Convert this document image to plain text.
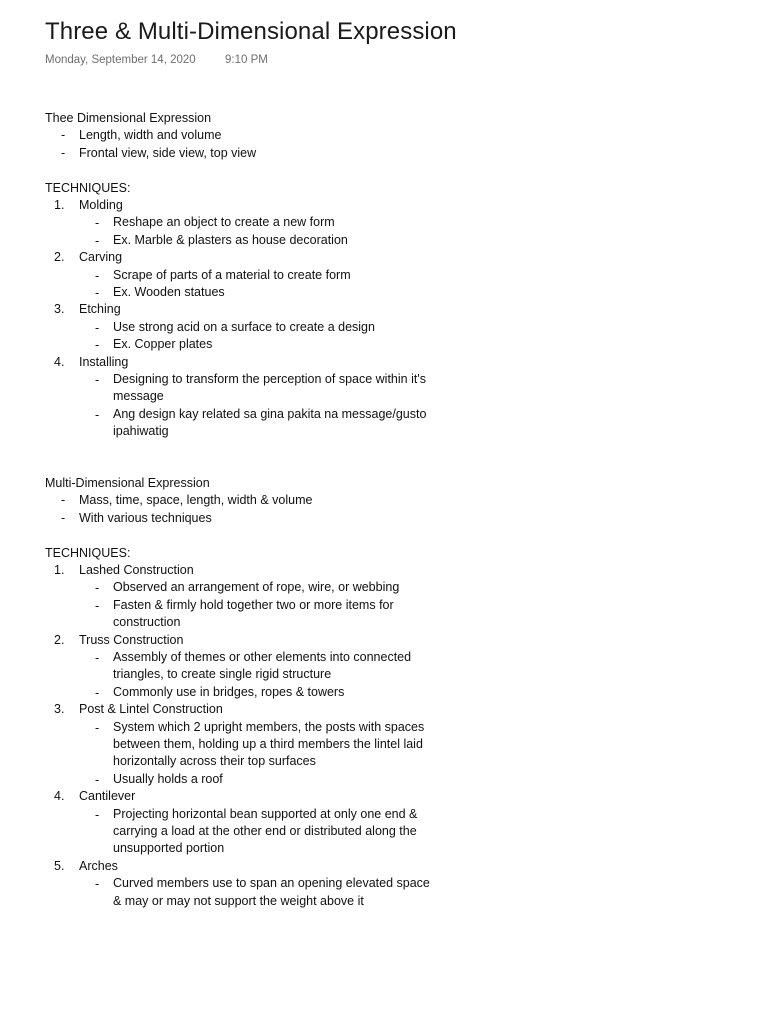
Three & Multi-Dimensional Expression
Monday, September 14, 2020	9:10 PM
Thee Dimensional Expression
- Length, width and volume
- Frontal view, side view, top view
TECHNIQUES:
1. Molding
- Reshape an object to create a new form
- Ex. Marble & plasters as house decoration
2. Carving
- Scrape of parts of a material to create form
- Ex. Wooden statues
3. Etching
- Use strong acid on a surface to create a design
- Ex. Copper plates
4. Installing
- Designing to transform the perception of space within it's
message
- Ang design kay related sa gina pakita na message/gusto
ipahiwatig
Multi-Dimensional Expression
- Mass, time, space, length, width & volume
- With various techniques
TECHNIQUES:
1. Lashed Construction
- Observed an arrangement of rope, wire, or webbing
- Fasten & firmly hold together two or more items for
construction
2. Truss Construction
- Assembly of themes or other elements into connected
triangles, to create single rigid structure
- Commonly use in bridges, ropes & towers
3. Post & Lintel Construction
- System which 2 upright members, the posts with spaces
between them, holding up a third members the lintel laid
horizontally across their top surfaces
- Usually holds a roof
4. Cantilever
- Projecting horizontal bean supported at only one end &
carrying a load at the other end or distributed along the
unsupported portion
5. Arches
- Curved members use to span an opening elevated space
& may or may not support the weight above it
